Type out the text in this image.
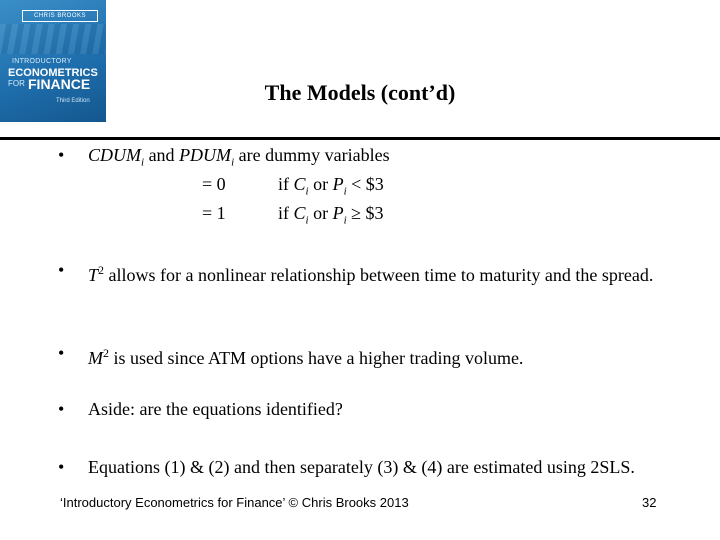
CHRIS BROOKS
INTRODUCTORY
ECONOMETRICS
FOR FINANCE
Third Edition	The Models (cont’d)
• $CDUM_i$ and $PDUM_i$ are dummy variables
= 0	if $C_i$ or $P_i$ < $3
= 1	if $C_i$ or $P_i$ ≥ $3
• $T^2$ allows for a nonlinear relationship between time to maturity and the spread.
• $M^2$ is used since ATM options have a higher trading volume.
• Aside: are the equations identified?
• Equations (1) & (2) and then separately (3) & (4) are estimated using 2SLS.
‘Introductory Econometrics for Finance’ © Chris Brooks 2013	32
